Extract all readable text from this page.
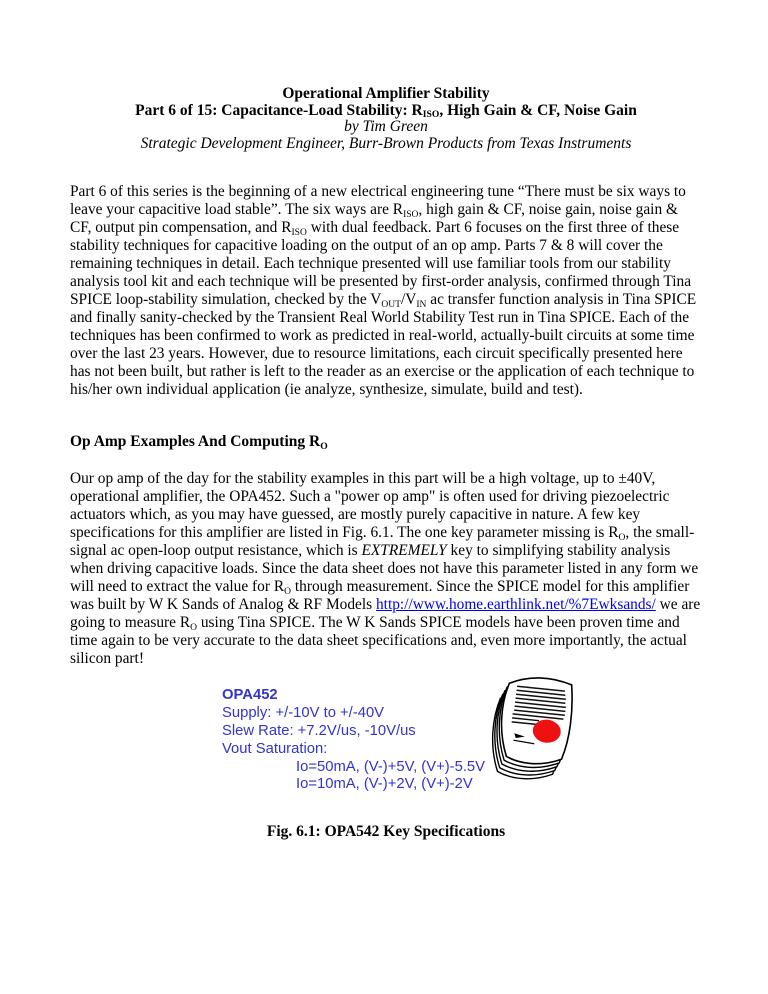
Operational Amplifier Stability
Part 6 of 15: Capacitance-Load Stability: $R_{ISO}$, High Gain & CF, Noise Gain
by Tim Green
Strategic Development Engineer, Burr-Brown Products from Texas Instruments

Part 6 of this series is the beginning of a new electrical engineering tune “There must be six ways to leave your capacitive load stable”. The six ways are $R_{ISO}$, high gain & CF, noise gain, noise gain & CF, output pin compensation, and $R_{ISO}$ with dual feedback. Part 6 focuses on the first three of these stability techniques for capacitive loading on the output of an op amp. Parts 7 & 8 will cover the remaining techniques in detail. Each technique presented will use familiar tools from our stability analysis tool kit and each technique will be presented by first-order analysis, confirmed through Tina SPICE loop-stability simulation, checked by the $V_{OUT}/V_{IN}$ ac transfer function analysis in Tina SPICE and finally sanity-checked by the Transient Real World Stability Test run in Tina SPICE. Each of the techniques has been confirmed to work as predicted in real-world, actually-built circuits at some time over the last 23 years. However, due to resource limitations, each circuit specifically presented here has not been built, but rather is left to the reader as an exercise or the application of each technique to his/her own individual application (ie analyze, synthesize, simulate, build and test).

Op Amp Examples And Computing $R_O$

Our op amp of the day for the stability examples in this part will be a high voltage, up to ±40V, operational amplifier, the OPA452. Such a "power op amp" is often used for driving piezoelectric actuators which, as you may have guessed, are mostly purely capacitive in nature. A few key specifications for this amplifier are listed in Fig. 6.1. The one key parameter missing is $R_O$, the small-signal ac open-loop output resistance, which is EXTREMELY key to simplifying stability analysis when driving capacitive loads. Since the data sheet does not have this parameter listed in any form we will need to extract the value for $R_O$ through measurement. Since the SPICE model for this amplifier was built by W K Sands of Analog & RF Models http://www.home.earthlink.net/%7Ewksands/ we are going to measure $R_O$ using Tina SPICE. The W K Sands SPICE models have been proven time and time again to be very accurate to the data sheet specifications and, even more importantly, the actual silicon part!

OPA452
Supply: +/-10V to +/-40V
Slew Rate: +7.2V/us, -10V/us
Vout Saturation:
Io=50mA, (V-)+5V, (V+)-5.5V
Io=10mA, (V-)+2V, (V+)-2V
Fig. 6.1: OPA542 Key Specifications
